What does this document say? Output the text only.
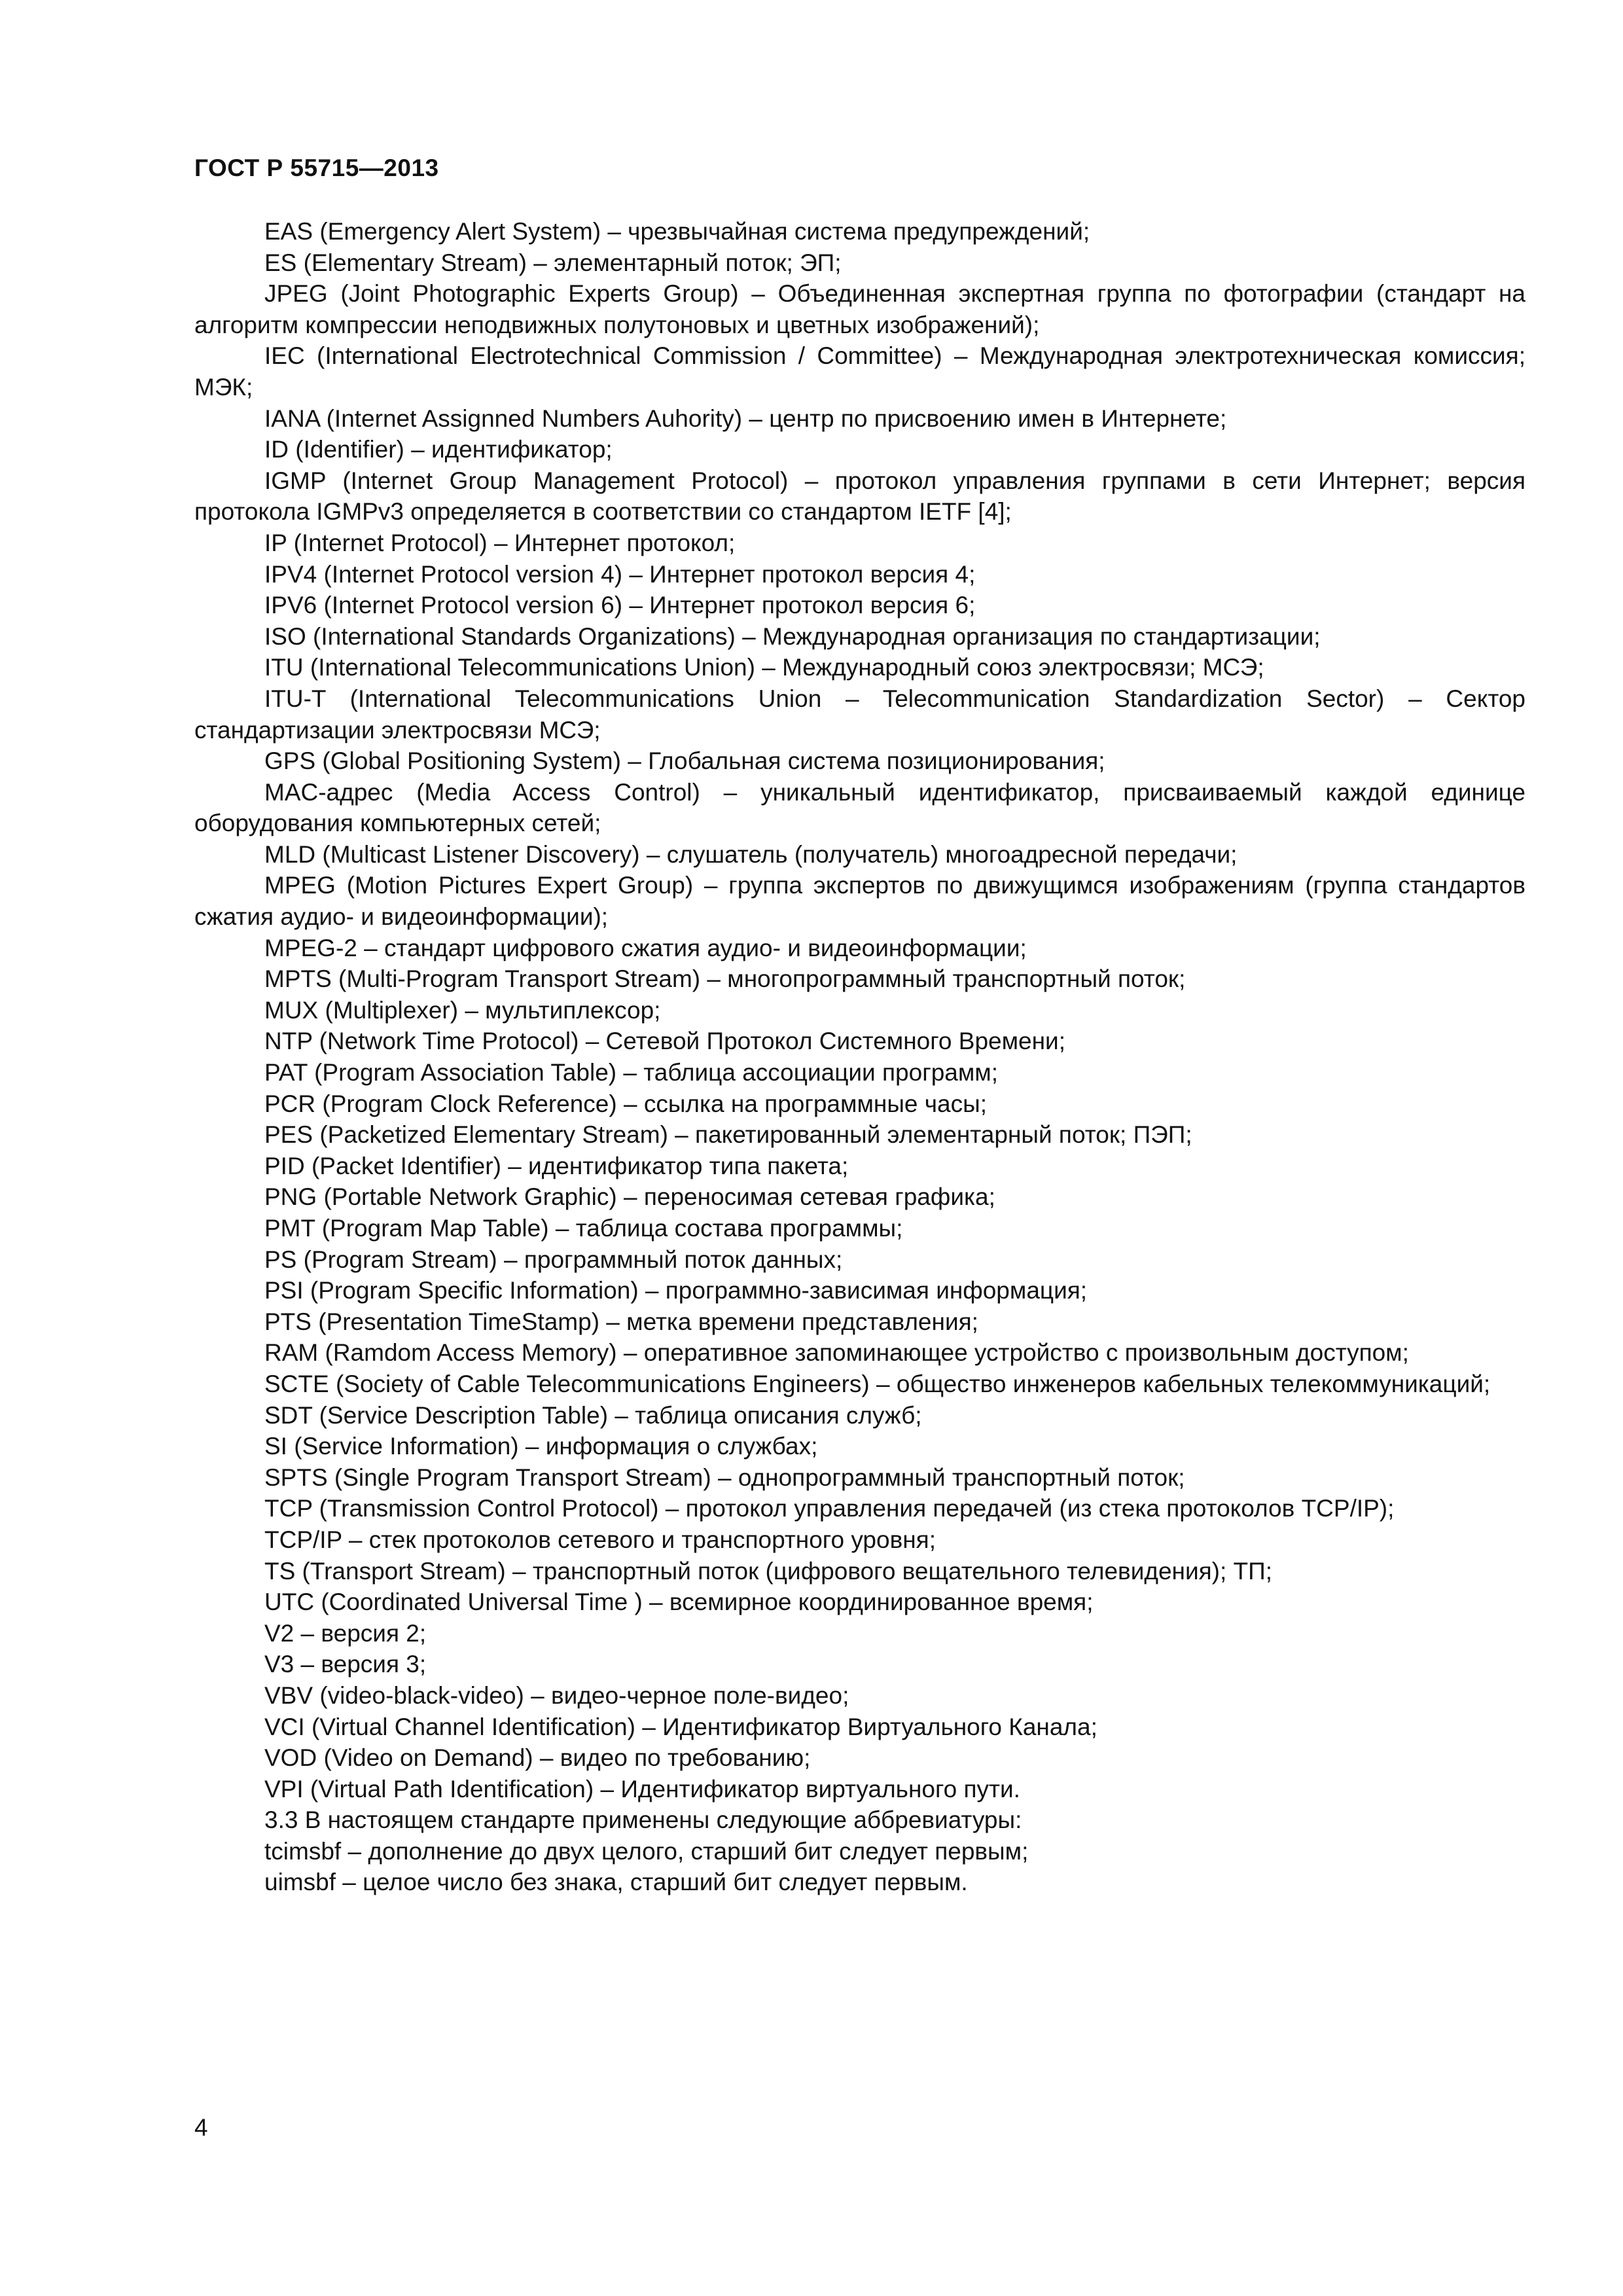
ГОСТ Р 55715—2013

EAS (Emergency Alert System) – чрезвычайная система предупреждений;

ES (Elementary Stream) – элементарный поток; ЭП;

JPEG (Joint Photographic Experts Group) – Объединенная экспертная группа по фотографии (стандарт на алгоритм компрессии неподвижных полутоновых и цветных изображений);

IEC (International Electrotechnical Commission / Committee) – Международная электротехническая комиссия; МЭК;

IANA (Internet Assignned Numbers Auhority) – центр по присвоению имен в Интернете;

ID (Identifier) – идентификатор;

IGMP (Internet Group Management Protocol) – протокол управления группами в сети Интернет; версия протокола IGMPv3 определяется в соответствии со стандартом IETF [4];

IP (Internet Protocol) – Интернет протокол;

IPV4 (Internet Protocol version 4) – Интернет протокол версия 4;

IPV6 (Internet Protocol version 6) – Интернет протокол версия 6;

ISO (International Standards Organizations) – Международная организация по стандартизации;

ITU (International Telecommunications Union) – Международный союз электросвязи; МСЭ;

ITU-T (International Telecommunications Union – Telecommunication Standardization Sector) – Сектор стандартизации электросвязи МСЭ;

GPS (Global Positioning System) – Глобальная система позиционирования;

MAC-адрес (Media Access Control) – уникальный идентификатор, присваиваемый каждой единице оборудования компьютерных сетей;

MLD (Multicast Listener Discovery) – слушатель (получатель) многоадресной передачи;

MPEG (Motion Pictures Expert Group) – группа экспертов по движущимся изображениям (группа стандартов сжатия аудио- и видеоинформации);

MPEG-2 – стандарт цифрового сжатия аудио- и видеоинформации;

MPTS (Multi-Program Transport Stream) – многопрограммный транспортный поток;

MUX (Multiplexer) – мультиплексор;

NTP (Network Time Protocol) – Сетевой Протокол Системного Времени;

PAT (Program Association Table) – таблица ассоциации программ;

PCR (Program Clock Reference) – ссылка на программные часы;

PES (Packetized Elementary Stream) – пакетированный элементарный поток; ПЭП;

PID (Packet Identifier) – идентификатор типа пакета;

PNG (Portable Network Graphic) – переносимая сетевая графика;

PMT (Program Map Table) – таблица состава программы;

PS (Program Stream) – программный поток данных;

PSI (Program Specific Information) – программно-зависимая информация;

PTS (Presentation TimeStamp) – метка времени представления;

RAM (Ramdom Access Memory) – оперативное запоминающее устройство с произвольным доступом;

SCTE (Society of Cable Telecommunications Engineers) – общество инженеров кабельных телекоммуникаций;

SDT (Service Description Table) – таблица описания служб;

SI (Service Information) – информация о службах;

SPTS (Single Program Transport Stream) – однопрограммный транспортный поток;

TCP (Transmission Control Protocol) – протокол управления передачей (из стека протоколов TCP/IP);

TCP/IP – стек протоколов сетевого и транспортного уровня;

TS (Transport Stream) – транспортный поток (цифрового вещательного телевидения); ТП;

UTC (Coordinated Universal Time ) – всемирное координированное время;

V2 – версия 2;

V3 – версия 3;

VBV (video-black-video) – видео-черное поле-видео;

VCI (Virtual Channel Identification) – Идентификатор Виртуального Канала;

VOD (Video on Demand) – видео по требованию;

VPI (Virtual Path Identification) – Идентификатор виртуального пути.

3.3 В настоящем стандарте применены следующие аббревиатуры:

tcimsbf – дополнение до двух целого, старший бит следует первым;

uimsbf – целое число без знака, старший бит следует первым.

4
